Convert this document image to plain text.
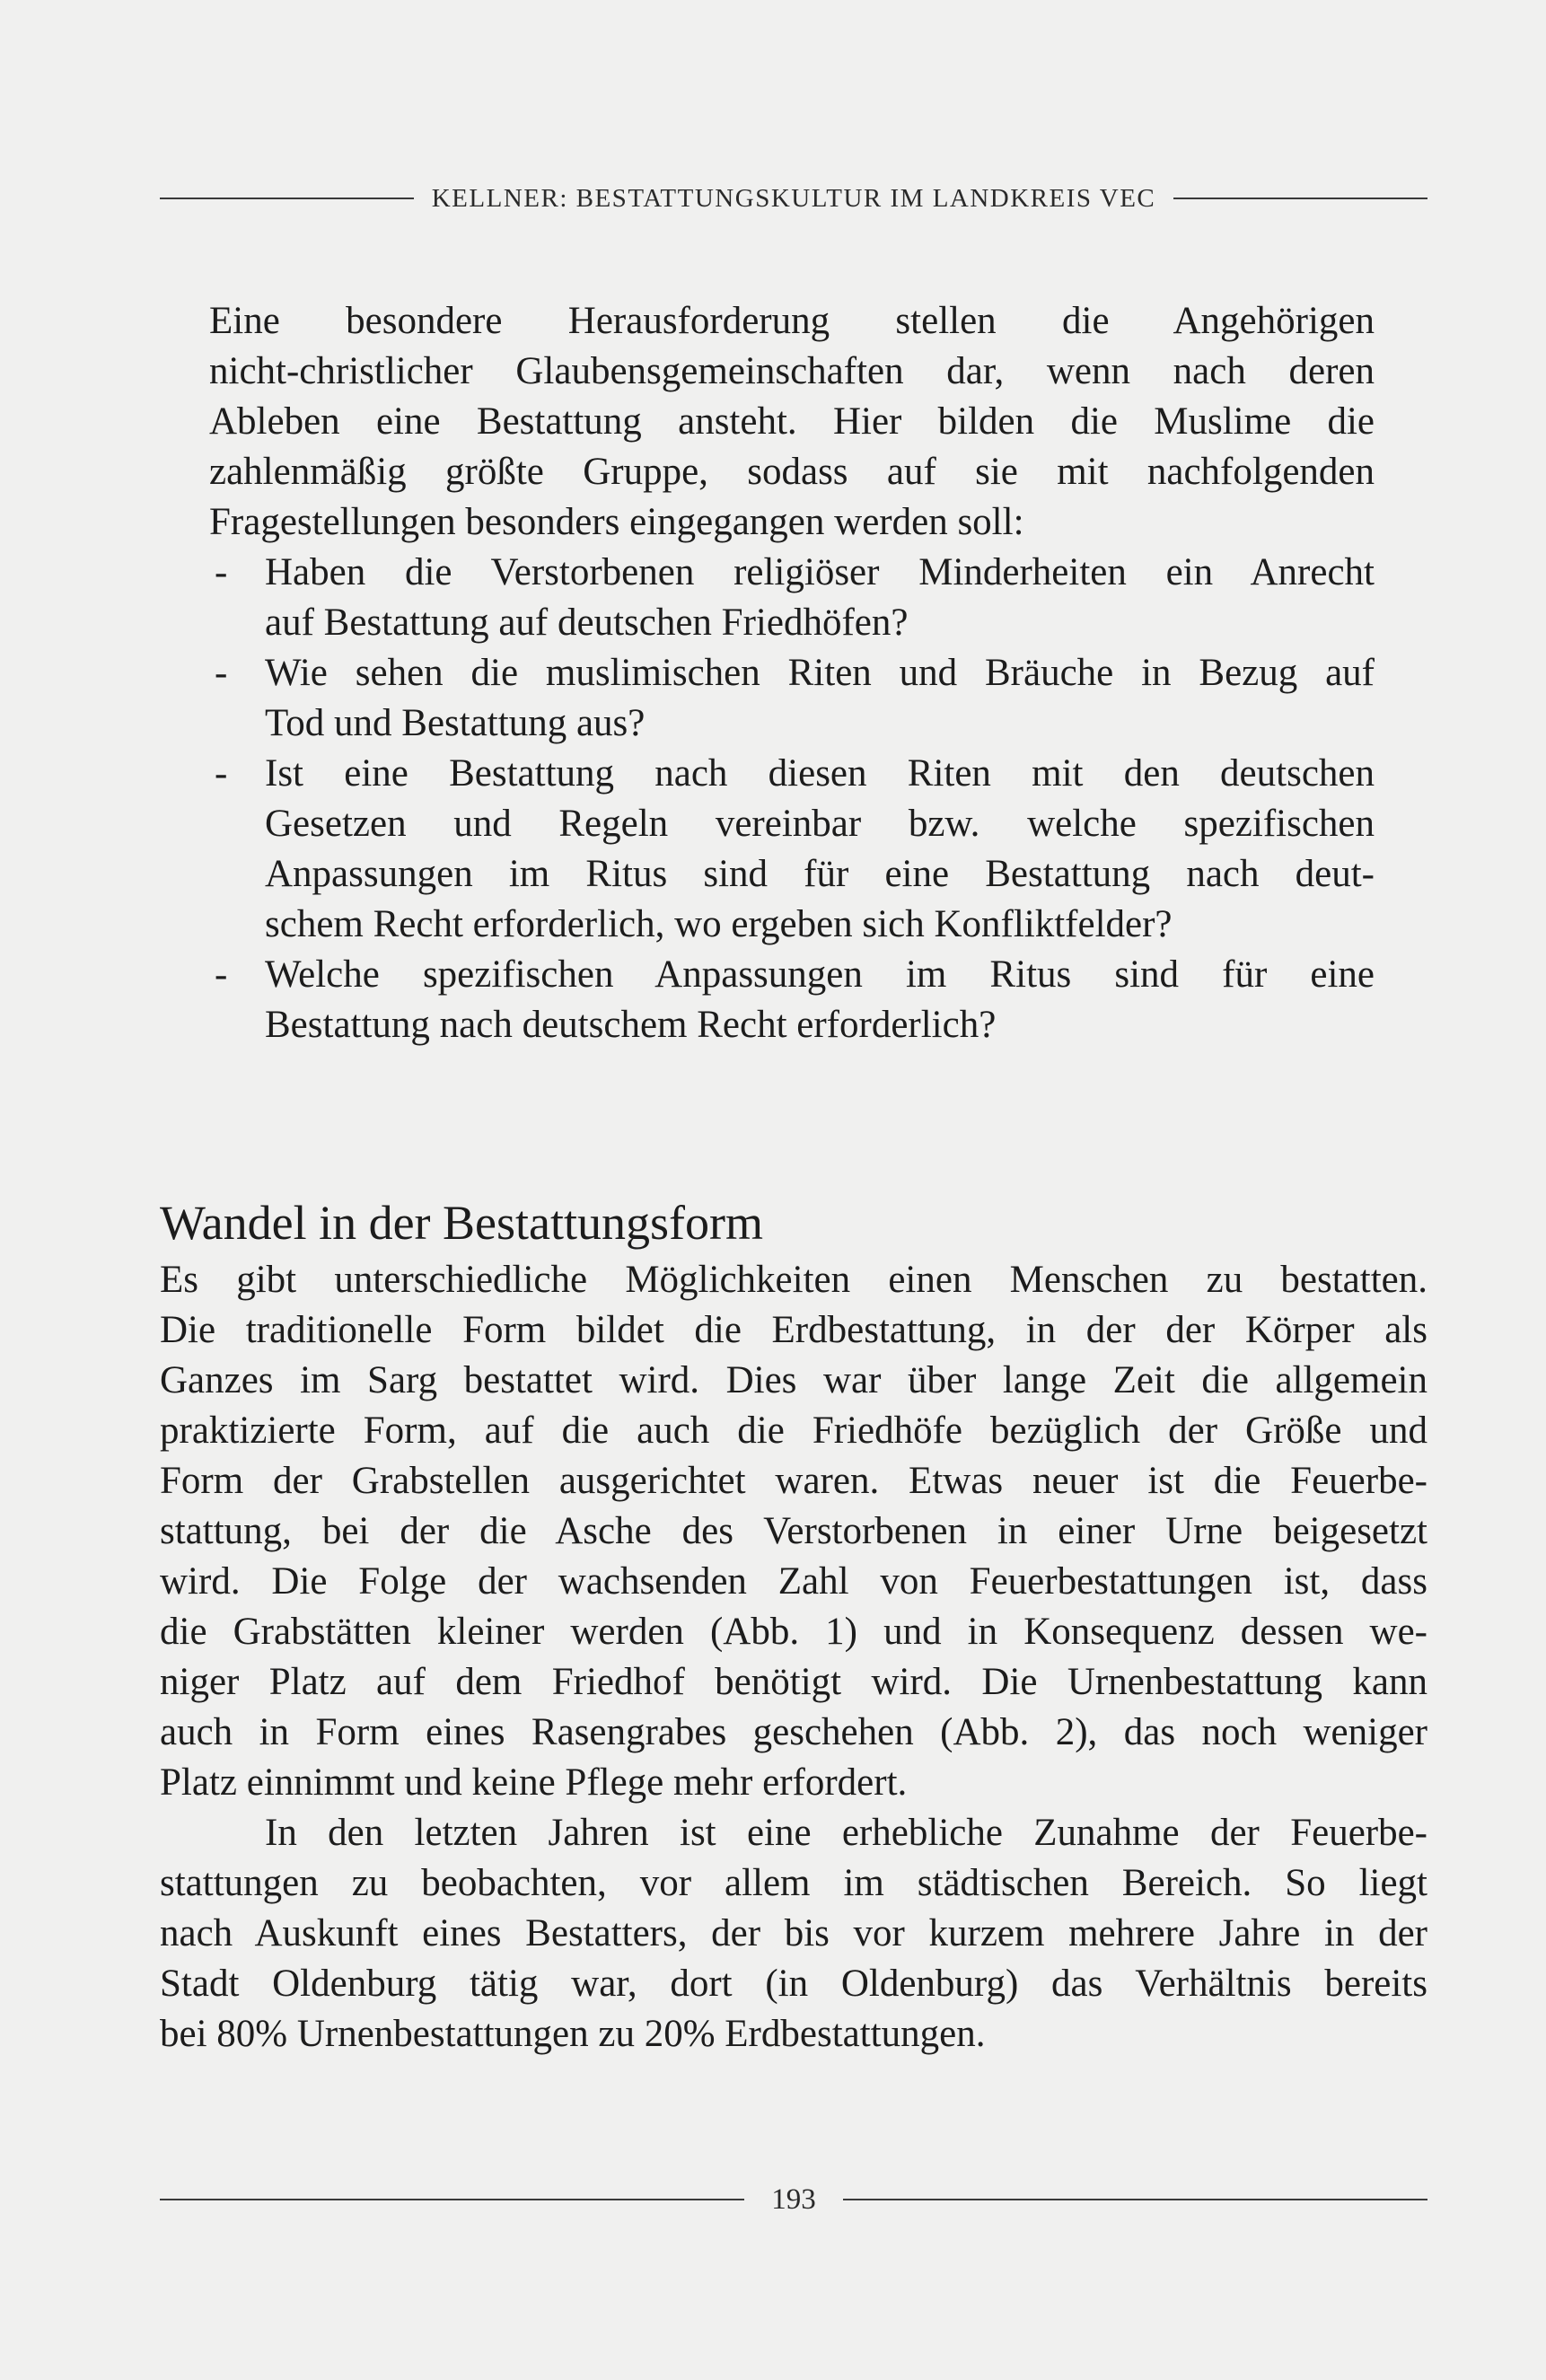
KELLNER: BESTATTUNGSKULTUR IM LANDKREIS VEC
Eine besondere Herausforderung stellen die Angehörigen
nicht-christlicher Glaubensgemeinschaften dar, wenn nach deren
Ableben eine Bestattung ansteht. Hier bilden die Muslime die
zahlenmäßig größte Gruppe, sodass auf sie mit nachfolgenden
Fragestellungen besonders eingegangen werden soll:
- Haben die Verstorbenen religiöser Minderheiten ein Anrecht
auf Bestattung auf deutschen Friedhöfen?
- Wie sehen die muslimischen Riten und Bräuche in Bezug auf
Tod und Bestattung aus?
- Ist eine Bestattung nach diesen Riten mit den deutschen
Gesetzen und Regeln vereinbar bzw. welche spezifischen
Anpassungen im Ritus sind für eine Bestattung nach deut-
schem Recht erforderlich, wo ergeben sich Konfliktfelder?
- Welche spezifischen Anpassungen im Ritus sind für eine
Bestattung nach deutschem Recht erforderlich?
Wandel in der Bestattungsform
Es gibt unterschiedliche Möglichkeiten einen Menschen zu bestatten.
Die traditionelle Form bildet die Erdbestattung, in der der Körper als
Ganzes im Sarg bestattet wird. Dies war über lange Zeit die allgemein
praktizierte Form, auf die auch die Friedhöfe bezüglich der Größe und
Form der Grabstellen ausgerichtet waren. Etwas neuer ist die Feuerbe-
stattung, bei der die Asche des Verstorbenen in einer Urne beigesetzt
wird. Die Folge der wachsenden Zahl von Feuerbestattungen ist, dass
die Grabstätten kleiner werden (Abb. 1) und in Konsequenz dessen we-
niger Platz auf dem Friedhof benötigt wird. Die Urnenbestattung kann
auch in Form eines Rasengrabes geschehen (Abb. 2), das noch weniger
Platz einnimmt und keine Pflege mehr erfordert.
In den letzten Jahren ist eine erhebliche Zunahme der Feuerbe-
stattungen zu beobachten, vor allem im städtischen Bereich. So liegt
nach Auskunft eines Bestatters, der bis vor kurzem mehrere Jahre in der
Stadt Oldenburg tätig war, dort (in Oldenburg) das Verhältnis bereits
bei 80% Urnenbestattungen zu 20% Erdbestattungen.
193
